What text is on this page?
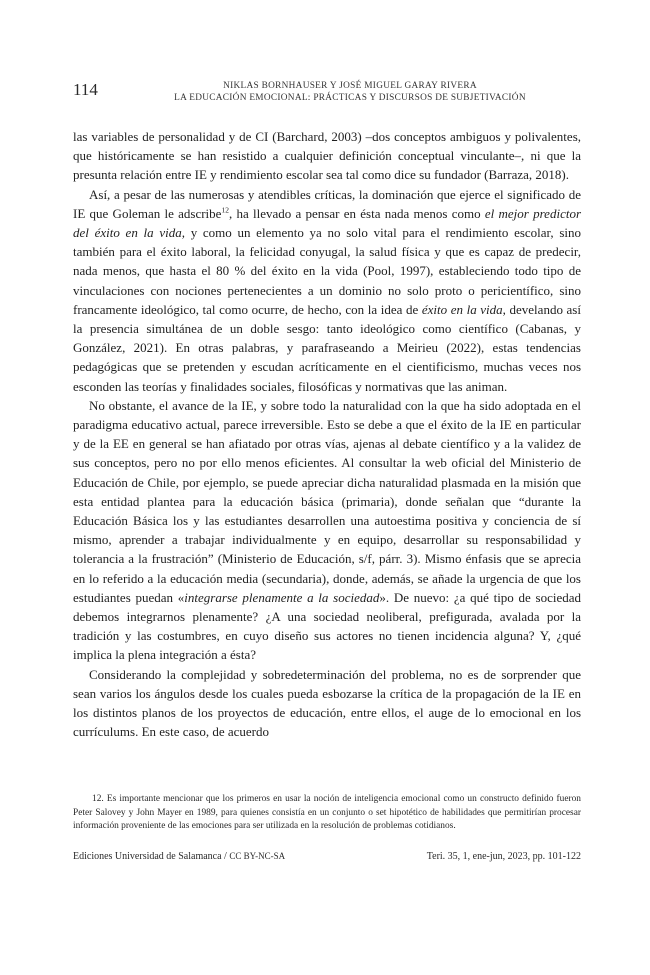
114	NIKLAS BORNHAUSER Y JOSÉ MIGUEL GARAY RIVERA
LA EDUCACIÓN EMOCIONAL: PRÁCTICAS Y DISCURSOS DE SUBJETIVACIÓN

las variables de personalidad y de CI (Barchard, 2003) –dos conceptos ambiguos y polivalentes, que históricamente se han resistido a cualquier definición conceptual vinculante–, ni que la presunta relación entre IE y rendimiento escolar sea tal como dice su fundador (Barraza, 2018).

Así, a pesar de las numerosas y atendibles críticas, la dominación que ejerce el significado de IE que Goleman le adscribe$^{12}$, ha llevado a pensar en ésta nada menos como el mejor predictor del éxito en la vida, y como un elemento ya no solo vital para el rendimiento escolar, sino también para el éxito laboral, la felicidad conyugal, la salud física y que es capaz de predecir, nada menos, que hasta el 80 % del éxito en la vida (Pool, 1997), estableciendo todo tipo de vinculaciones con nociones pertenecientes a un dominio no solo proto o pericientífico, sino francamente ideológico, tal como ocurre, de hecho, con la idea de éxito en la vida, develando así la presencia simultánea de un doble sesgo: tanto ideológico como científico (Cabanas, y González, 2021). En otras palabras, y parafraseando a Meirieu (2022), estas tendencias pedagógicas que se pretenden y escudan acríticamente en el cientificismo, muchas veces nos esconden las teorías y finalidades sociales, filosóficas y normativas que las animan.

No obstante, el avance de la IE, y sobre todo la naturalidad con la que ha sido adoptada en el paradigma educativo actual, parece irreversible. Esto se debe a que el éxito de la IE en particular y de la EE en general se han afiatado por otras vías, ajenas al debate científico y a la validez de sus conceptos, pero no por ello menos eficientes. Al consultar la web oficial del Ministerio de Educación de Chile, por ejemplo, se puede apreciar dicha naturalidad plasmada en la misión que esta entidad plantea para la educación básica (primaria), donde señalan que “durante la Educación Básica los y las estudiantes desarrollen una autoestima positiva y conciencia de sí mismo, aprender a trabajar individualmente y en equipo, desarrollar su responsabilidad y tolerancia a la frustración” (Ministerio de Educación, s/f, párr. 3). Mismo énfasis que se aprecia en lo referido a la educación media (secundaria), donde, además, se añade la urgencia de que los estudiantes puedan «integrarse plenamente a la sociedad». De nuevo: ¿a qué tipo de sociedad debemos integrarnos plenamente? ¿A una sociedad neoliberal, prefigurada, avalada por la tradición y las costumbres, en cuyo diseño sus actores no tienen incidencia alguna? Y, ¿qué implica la plena integración a ésta?

Considerando la complejidad y sobredeterminación del problema, no es de sorprender que sean varios los ángulos desde los cuales pueda esbozarse la crítica de la propagación de la IE en los distintos planos de los proyectos de educación, entre ellos, el auge de lo emocional en los currículums. En este caso, de acuerdo

12. Es importante mencionar que los primeros en usar la noción de inteligencia emocional como un constructo definido fueron Peter Salovey y John Mayer en 1989, para quienes consistía en un conjunto o set hipotético de habilidades que permitirían procesar información proveniente de las emociones para ser utilizada en la resolución de problemas cotidianos.

Ediciones Universidad de Salamanca / CC BY-NC-SA	Teri. 35, 1, ene-jun, 2023, pp. 101-122
